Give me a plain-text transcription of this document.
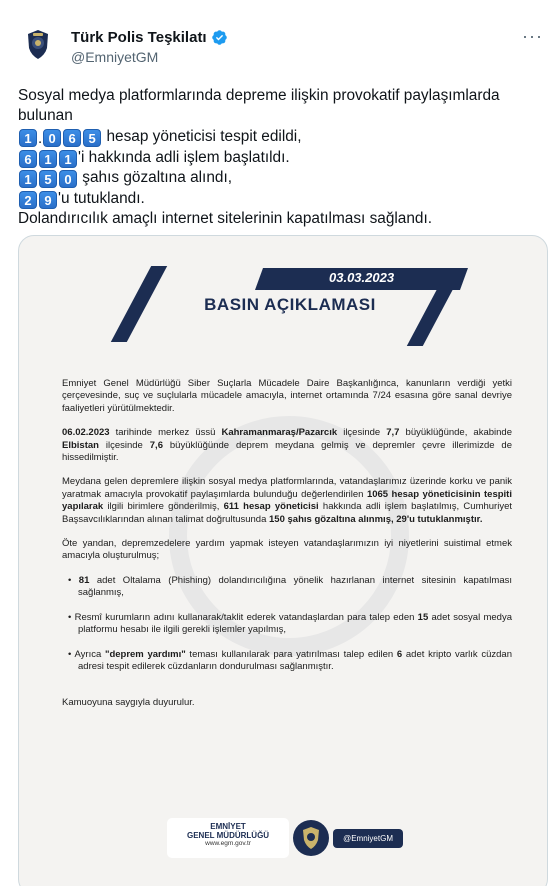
Türk Polis Teşkilatı
@EmniyetGM
···
Sosyal medya platformlarında depreme ilişkin provokatif paylaşımlarda
bulunan
1 . 0 6 5 hesap yöneticisi tespit edildi,
6 1 1 'i hakkında adli işlem başlatıldı.
1 5 0 şahıs gözaltına alındı,
2 9 'u tutuklandı.
Dolandırıcılık amaçlı internet sitelerinin kapatılması sağlandı.
03.03.2023
BASIN AÇIKLAMASI

Emniyet Genel Müdürlüğü Siber Suçlarla Mücadele Daire Başkanlığınca, kanunların verdiği yetki çerçevesinde, suç ve suçlularla mücadele amacıyla, internet ortamında 7/24 esasına göre sanal devriye faaliyetleri yürütülmektedir.

06.02.2023 tarihinde merkez üssü Kahramanmaraş/Pazarcık ilçesinde 7,7 büyüklüğünde, akabinde Elbistan ilçesinde 7,6 büyüklüğünde deprem meydana gelmiş ve depremler çevre illerimizde de hissedilmiştir.

Meydana gelen depremlere ilişkin sosyal medya platformlarında, vatandaşlarımız üzerinde korku ve panik yaratmak amacıyla provokatif paylaşımlarda bulunduğu değerlendirilen 1065 hesap yöneticisinin tespiti yapılarak ilgili birimlere gönderilmiş, 611 hesap yöneticisi hakkında adli işlem başlatılmış, Cumhuriyet Başsavcılıklarından alınan talimat doğrultusunda 150 şahıs gözaltına alınmış, 29'u tutuklanmıştır.

Öte yandan, depremzedelere yardım yapmak isteyen vatandaşlarımızın iyi niyetlerini suistimal etmek amacıyla oluşturulmuş;

• 81 adet Oltalama (Phishing) dolandırıcılığına yönelik hazırlanan internet sitesinin kapatılması sağlanmış,

• Resmî kurumların adını kullanarak/taklit ederek vatandaşlardan para talep eden 15 adet sosyal medya platformu hesabı ile ilgili gerekli işlemler yapılmış,

• Ayrıca "deprem yardımı" teması kullanılarak para yatırılması talep edilen 6 adet kripto varlık cüzdan adresi tespit edilerek cüzdanların dondurulması sağlanmıştır.

Kamuoyuna saygıyla duyurulur.

EMNİYET
GENEL MÜDÜRLÜĞÜ
www.egm.gov.tr
@EmniyetGM
